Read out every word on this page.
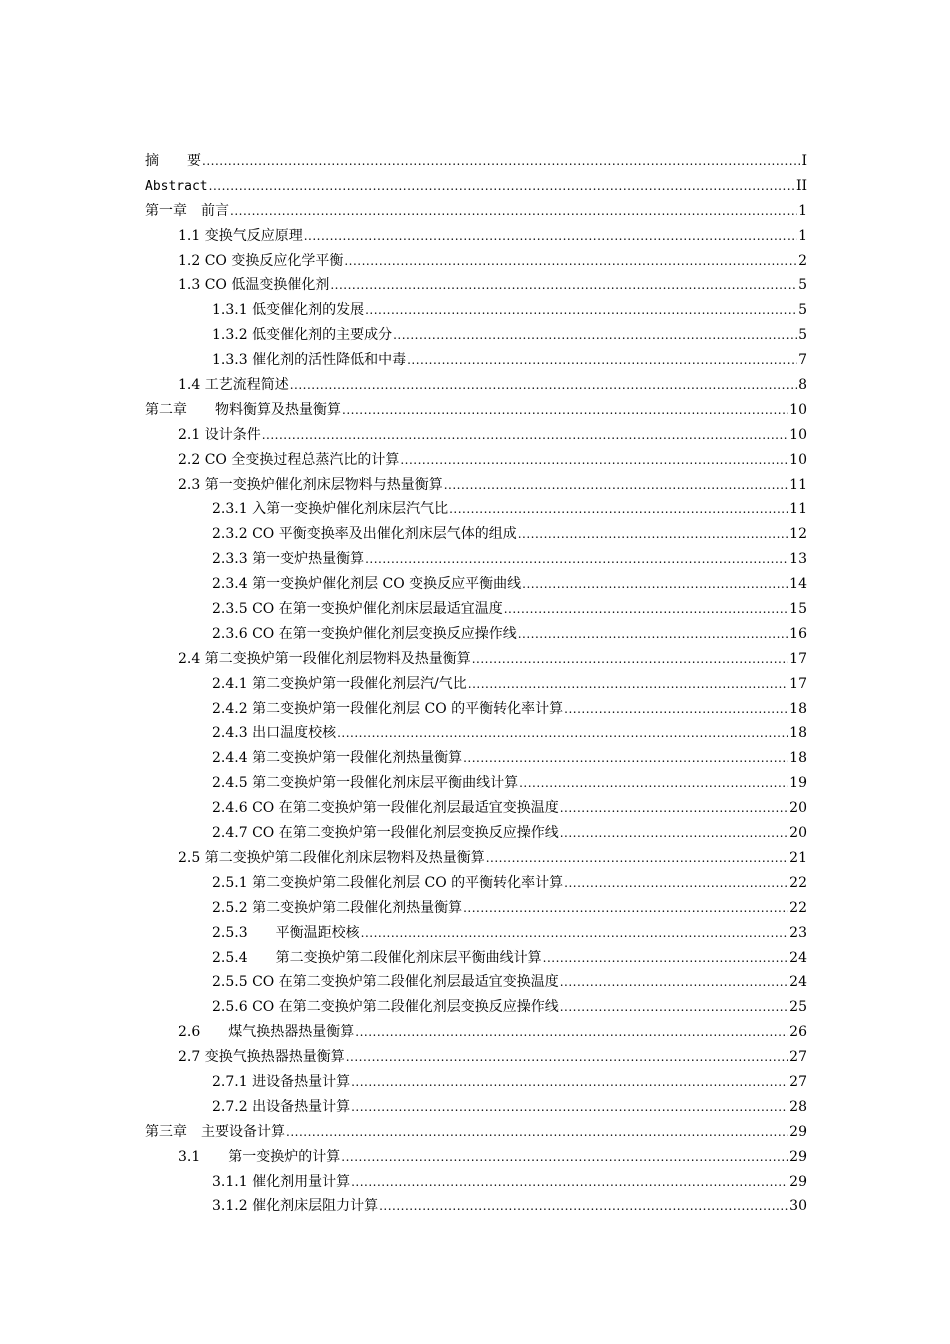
摘　　要 .....	I
Abstract .....	II
第一章　前言 .....	1
1.1 变换气反应原理 .....	1
1.2 CO 变换反应化学平衡 .....	2
1.3 CO 低温变换催化剂 .....	5
1.3.1 低变催化剂的发展 .....	5
1.3.2 低变催化剂的主要成分 .....	5
1.3.3 催化剂的活性降低和中毒 .....	7
1.4 工艺流程简述 .....	8
第二章　　物料衡算及热量衡算 .....	10
2.1 设计条件 .....	10
2.2 CO 全变换过程总蒸汽比的计算 .....	10
2.3 第一变换炉催化剂床层物料与热量衡算 .....	11
2.3.1 入第一变换炉催化剂床层汽气比 .....	11
2.3.2 CO 平衡变换率及出催化剂床层气体的组成 .....	12
2.3.3 第一变炉热量衡算 .....	13
2.3.4 第一变换炉催化剂层 CO 变换反应平衡曲线 .....	14
2.3.5 CO 在第一变换炉催化剂床层最适宜温度 .....	15
2.3.6 CO 在第一变换炉催化剂层变换反应操作线 .....	16
2.4 第二变换炉第一段催化剂层物料及热量衡算 .....	17
2.4.1 第二变换炉第一段催化剂层汽/气比 .....	17
2.4.2 第二变换炉第一段催化剂层 CO 的平衡转化率计算 .....	18
2.4.3 出口温度校核 .....	18
2.4.4 第二变换炉第一段催化剂热量衡算 .....	18
2.4.5 第二变换炉第一段催化剂床层平衡曲线计算 .....	19
2.4.6 CO 在第二变换炉第一段催化剂层最适宜变换温度 .....	20
2.4.7 CO 在第二变换炉第一段催化剂层变换反应操作线 .....	20
2.5 第二变换炉第二段催化剂床层物料及热量衡算 .....	21
2.5.1 第二变换炉第二段催化剂层 CO 的平衡转化率计算 .....	22
2.5.2 第二变换炉第二段催化剂热量衡算 .....	22
2.5.3　　平衡温距校核 .....	23
2.5.4　　第二变换炉第二段催化剂床层平衡曲线计算 .....	24
2.5.5 CO 在第二变换炉第二段催化剂层最适宜变换温度 .....	24
2.5.6 CO 在第二变换炉第二段催化剂层变换反应操作线 .....	25
2.6　　煤气换热器热量衡算 .....	26
2.7 变换气换热器热量衡算 .....	27
2.7.1 进设备热量计算 .....	27
2.7.2 出设备热量计算 .....	28
第三章　主要设备计算 .....	29
3.1　　第一变换炉的计算 .....	29
3.1.1 催化剂用量计算 .....	29
3.1.2 催化剂床层阻力计算 .....	30
